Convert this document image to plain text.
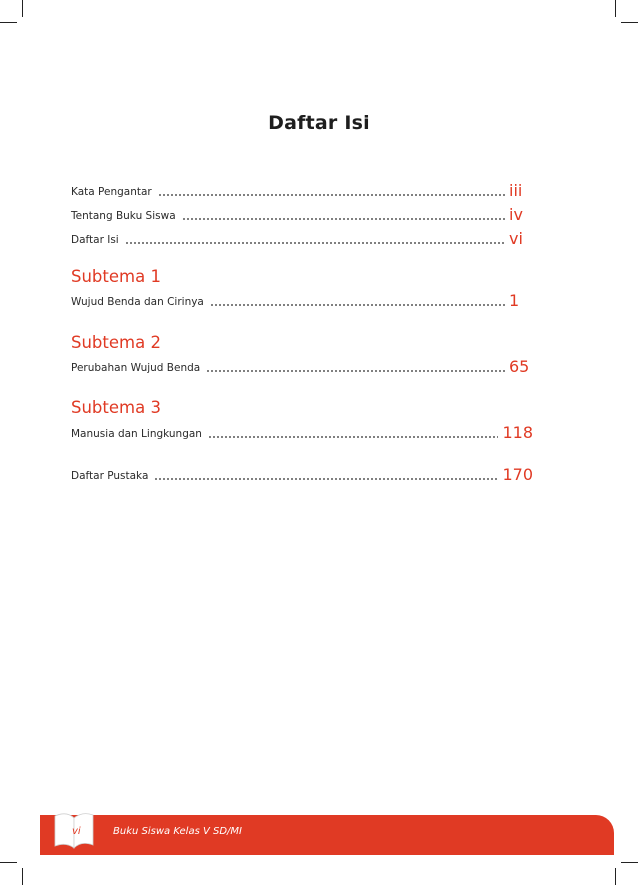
Daftar Isi
Kata Pengantar	iii
Tentang Buku Siswa	iv
Daftar Isi	vi
Subtema 1
Wujud Benda dan Cirinya	1
Subtema 2
Perubahan Wujud Benda	65
Subtema 3
Manusia dan Lingkungan	118
Daftar Pustaka	170
vi	Buku Siswa Kelas V SD/MI
